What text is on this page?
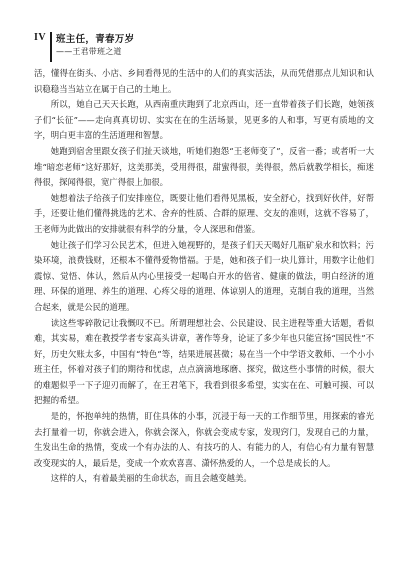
IV 班主任，青春万岁
——王君带班之道

活，懂得在街头、小店、乡间看得见的生活中的人们的真实活法，从而凭借那点儿知识和认识稳稳当当站立在属于自己的土地上。

所以，她自己天天长跑，从西南重庆跑到了北京西山，还一直带着孩子们长跑，她领孩子们“长征”——走向真真切切、实实在在的生活场景，见更多的人和事，写更有质地的文字，明白更丰富的生活道理和智慧。

她跑到宿舍里跟女孩子们扯天谈地，听她们抱怨“王老师变了”，反省一番；或者听一大堆“暗恋老师”这好那好，这美那美，受用得很，甜蜜得很，美得很，然后就教学相长，痴迷得很，探闻得很，宽广得很上加很。

她想着法子给孩子们安排座位，既要让他们看得见黑板，安全舒心，找到好伙伴，好帮手，还要让他们懂得挑选的艺术、舍弃的性质、合群的原理、交友的准则，这就不容易了，王老师为此做出的安排就很有科学的分量，令人深思和借鉴。

她让孩子们学习公民艺术，但进入她视野的，是孩子们天天喝好几瓶矿泉水和饮料；污染环境，浪费钱财，还根本不懂得爱物惜福。于是，她和孩子们一块儿算计，用数字让他们震惊、觉悟、体认，然后从内心里接受一起喝白开水的倍省、健康的做法，明白经济的道理、环保的道理、养生的道理、心疼父母的道理、体谅别人的道理，克制自我的道理，当然合起来，就是公民的道理。

读这些零碎散记让我慨叹不已。所谓理想社会、公民建设、民主进程等重大话题，看似难，其实易，难在教授学者专家高头讲章，著作等身，论证了多少年也只能宣扬“国民性”不好，历史欠账太多，中国有“特色”等，结果进展甚微；易在当一个中学语文教师、一个小小班主任，怀着对孩子们的期待和忧虑，点点滴滴地琢磨、探究，做这些小事情的时候，很大的难题似乎一下子迎刃而解了，在王君笔下，我看到很多希望，实实在在、可触可摸、可以把握的希望。

是的，怀抱单纯的热情，盯住具体的小事，沉浸于每一天的工作细节里，用探索的睿光去打量着一切，你就会进入，你就会深入，你就会变成专家，发现窍门，发现自己的力量，生发出生命的热情，变成一个有办法的人、有技巧的人、有能力的人，有信心有力量有智慧改变现实的人，最后是，变成一个欢欢喜喜、潇怀热爱的人，一个总是成长的人。

这样的人，有着最美丽的生命状态，而且会越变越美。
